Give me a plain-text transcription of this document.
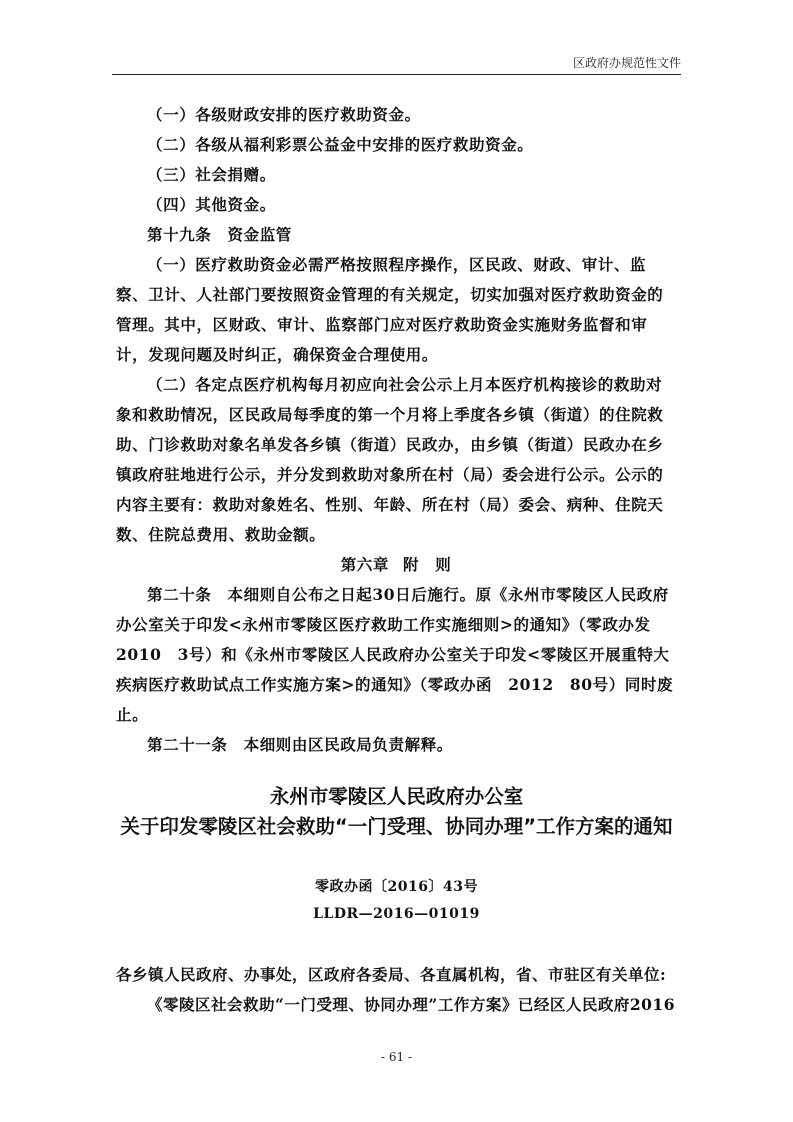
区政府办规范性文件

（一）各级财政安排的医疗救助资金。

（二）各级从福利彩票公益金中安排的医疗救助资金。

（三）社会捐赠。

（四）其他资金。

第十九条　资金监管

（一）医疗救助资金必需严格按照程序操作，区民政、财政、审计、监察、卫计、人社部门要按照资金管理的有关规定，切实加强对医疗救助资金的管理。其中，区财政、审计、监察部门应对医疗救助资金实施财务监督和审计，发现问题及时纠正，确保资金合理使用。

（二）各定点医疗机构每月初应向社会公示上月本医疗机构接诊的救助对象和救助情况，区民政局每季度的第一个月将上季度各乡镇（街道）的住院救助、门诊救助对象名单发各乡镇（街道）民政办，由乡镇（街道）民政办在乡镇政府驻地进行公示，并分发到救助对象所在村（局）委会进行公示。公示的内容主要有：救助对象姓名、性别、年龄、所在村（局）委会、病种、住院天数、住院总费用、救助金额。

第六章 附　则

第二十条　本细则自公布之日起30日后施行。原《永州市零陵区人民政府办公室关于印发<永州市零陵区医疗救助工作实施细则>的通知》（零政办发　2010　3号）和《永州市零陵区人民政府办公室关于印发<零陵区开展重特大疾病医疗救助试点工作实施方案>的通知》（零政办函　2012　80号）同时废止。

第二十一条　本细则由区民政局负责解释。

永州市零陵区人民政府办公室
关于印发零陵区社会救助“一门受理、协同办理”工作方案的通知
零政办函〔2016〕43号
LLDR—2016—01019
各乡镇人民政府、办事处，区政府各委局、各直属机构，省、市驻区有关单位:
《零陵区社会救助“一门受理、协同办理”工作方案》已经区人民政府2016
- 61 -
